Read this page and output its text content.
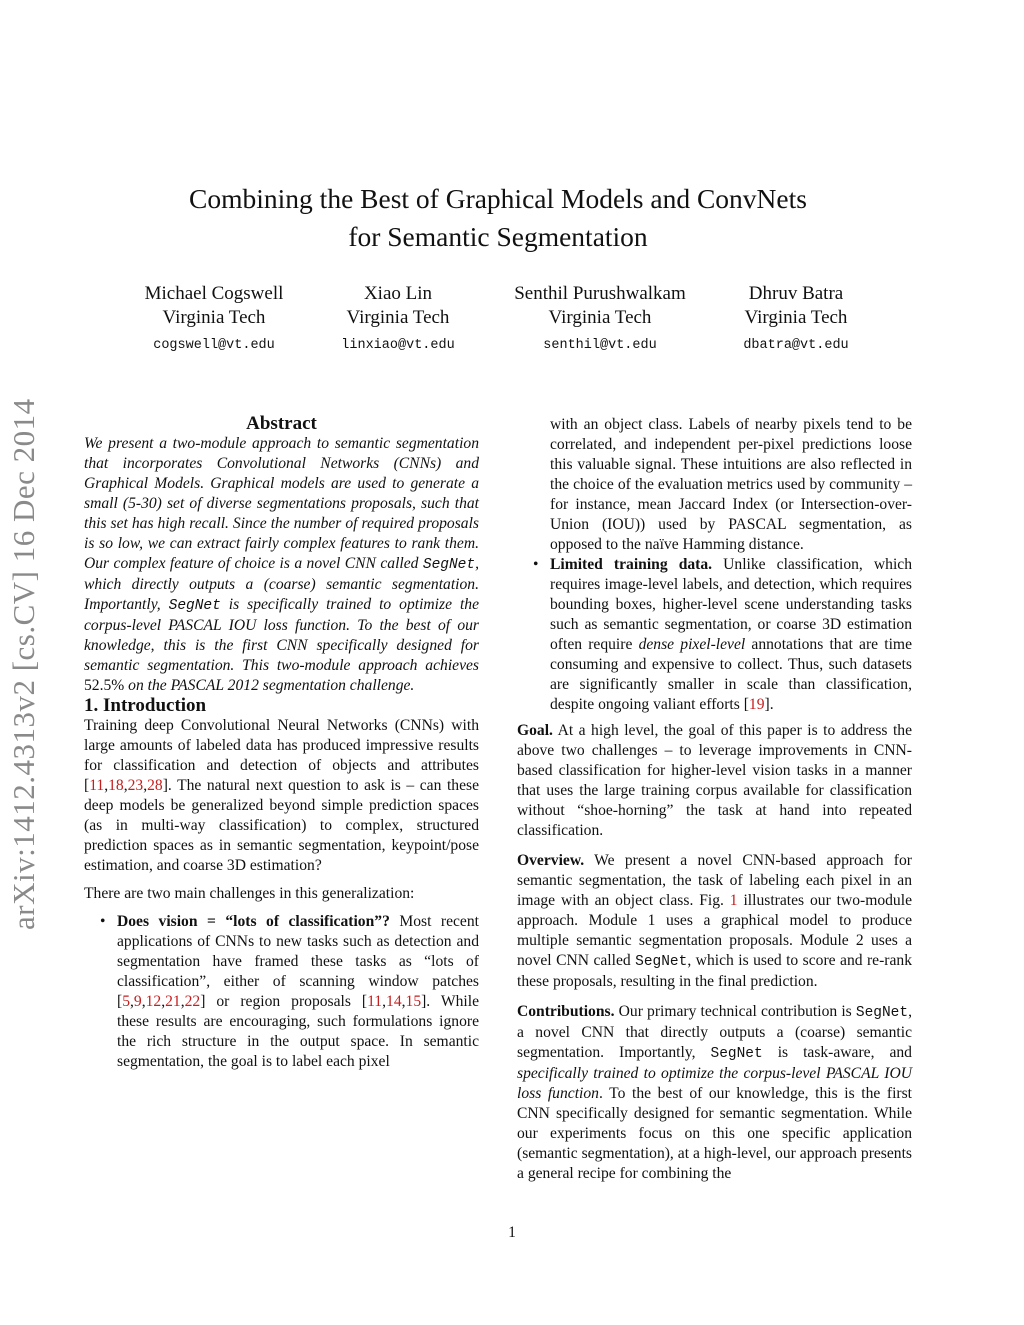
arXiv:1412.4313v2 [cs.CV] 16 Dec 2014
Combining the Best of Graphical Models and ConvNets
for Semantic Segmentation
Michael Cogswell
Virginia Tech
cogswell@vt.edu
Xiao Lin
Virginia Tech
linxiao@vt.edu
Senthil Purushwalkam
Virginia Tech
senthil@vt.edu
Dhruv Batra
Virginia Tech
dbatra@vt.edu

Abstract

We present a two-module approach to semantic segmentation that incorporates Convolutional Networks (CNNs) and Graphical Models. Graphical models are used to generate a small (5-30) set of diverse segmentations proposals, such that this set has high recall. Since the number of required proposals is so low, we can extract fairly complex features to rank them. Our complex feature of choice is a novel CNN called SegNet, which directly outputs a (coarse) semantic segmentation. Importantly, SegNet is specifically trained to optimize the corpus-level PASCAL IOU loss function. To the best of our knowledge, this is the first CNN specifically designed for semantic segmentation. This two-module approach achieves 52.5% on the PASCAL 2012 segmentation challenge.

1. Introduction

Training deep Convolutional Neural Networks (CNNs) with large amounts of labeled data has produced impressive results for classification and detection of objects and attributes [11,18,23,28]. The natural next question to ask is – can these deep models be generalized beyond simple prediction spaces (as in multi-way classification) to complex, structured prediction spaces as in semantic segmentation, keypoint/pose estimation, and coarse 3D estimation?

There are two main challenges in this generalization:

• Does vision = “lots of classification”? Most recent applications of CNNs to new tasks such as detection and segmentation have framed these tasks as “lots of classification”, either of scanning window patches [5,9,12,21,22] or region proposals [11,14,15]. While these results are encouraging, such formulations ignore the rich structure in the output space. In semantic segmentation, the goal is to label each pixel
with an object class. Labels of nearby pixels tend to be correlated, and independent per-pixel predictions loose this valuable signal. These intuitions are also reflected in the choice of the evaluation metrics used by community – for instance, mean Jaccard Index (or Intersection-over-Union (IOU)) used by PASCAL segmentation, as opposed to the naïve Hamming distance.
• Limited training data. Unlike classification, which requires image-level labels, and detection, which requires bounding boxes, higher-level scene understanding tasks such as semantic segmentation, or coarse 3D estimation often require dense pixel-level annotations that are time consuming and expensive to collect. Thus, such datasets are significantly smaller in scale than classification, despite ongoing valiant efforts [19].

Goal. At a high level, the goal of this paper is to address the above two challenges – to leverage improvements in CNN-based classification for higher-level vision tasks in a manner that uses the large training corpus available for classification without “shoe-horning” the task at hand into repeated classification.

Overview. We present a novel CNN-based approach for semantic segmentation, the task of labeling each pixel in an image with an object class. Fig. 1 illustrates our two-module approach. Module 1 uses a graphical model to produce multiple semantic segmentation proposals. Module 2 uses a novel CNN called SegNet, which is used to score and re-rank these proposals, resulting in the final prediction.

Contributions. Our primary technical contribution is SegNet, a novel CNN that directly outputs a (coarse) semantic segmentation. Importantly, SegNet is task-aware, and specifically trained to optimize the corpus-level PASCAL IOU loss function. To the best of our knowledge, this is the first CNN specifically designed for semantic segmentation. While our experiments focus on this one specific application (semantic segmentation), at a high-level, our approach presents a general recipe for combining the

1
